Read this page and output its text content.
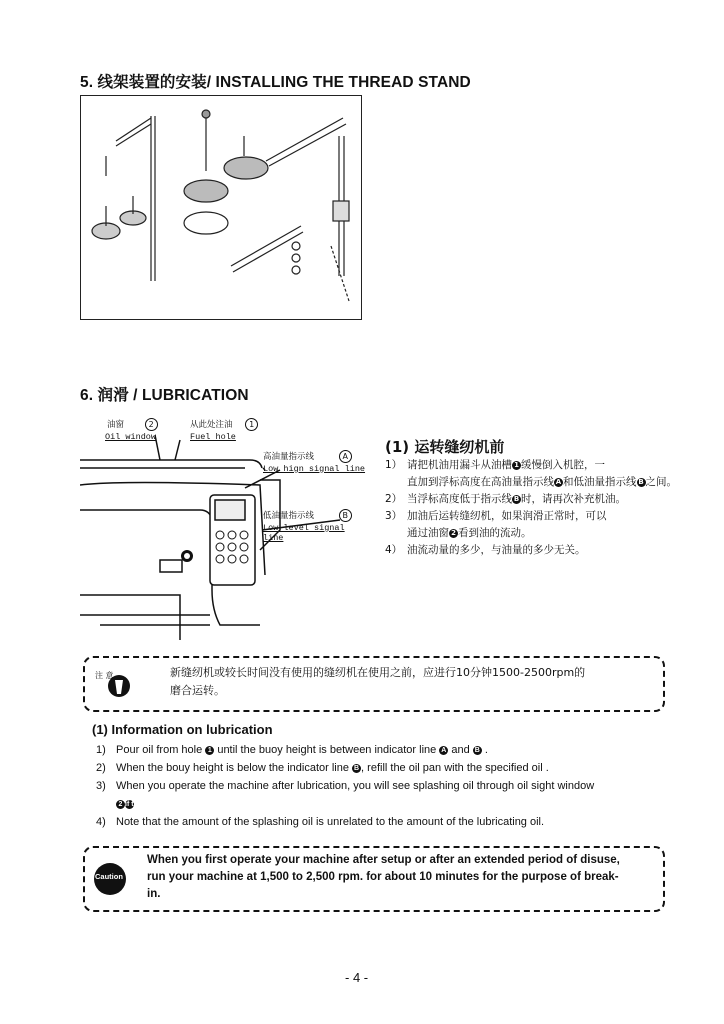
5. 线架装置的安装/ INSTALLING THE THREAD STAND
6. 润滑 / LUBRICATION
油窗	2
Oil window
从此处注油 1
Fuel hole
高油量指示线	A
Low hign signal line
低油量指示线	B
Low level signal line
(1) 运转缝纫机前
1） 请把机油用漏斗从油槽 1 缓慢倒入机腔，一
直加到浮标高度在高油量指示线 A 和低油量指示线 B 之间。
2） 当浮标高度低于指示线 B 时，请再次补充机油。
3） 加油后运转缝纫机，如果润滑正常时，可以
通过油窗 2 看到油的流动。
4） 油流动量的多少，与油量的多少无关。
注 意	新缝纫机或较长时间没有使用的缝纫机在使用之前，应进行10分钟1500-2500rpm的
磨合运转。
(1) Information on lubrication
1) Pour oil from hole 1 until the buoy height is between indicator line A and B .
2) When the bouy height is below the indicator line B , refill the oil pan with the specified oil .
3) When you operate the machine after lubrication, you will see splashing oil through oil sight window
2if the lubrication is adequate.
4) Note that the amount of the splashing oil is unrelated to the amount of the lubricating oil.
Caution
When you first operate your machine after setup or after an extended period of disuse,
run your machine at 1,500 to 2,500 rpm. for about 10 minutes for the purpose of break-
in.
- 4 -
